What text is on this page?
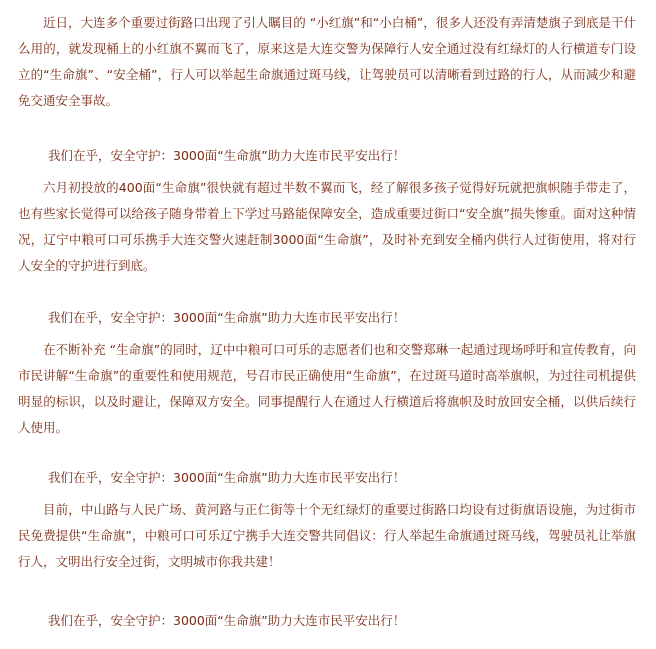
近日，大连多个重要过街路口出现了引人瞩目的 “小红旗”和“小白桶”，很多人还没有弄清楚旗子到底是干什么用的，就发现桶上的小红旗不翼而飞了，原来这是大连交警为保障行人安全通过没有红绿灯的人行横道专门设立的“生命旗”、“安全桶”，行人可以举起生命旗通过斑马线，让驾驶员可以清晰看到过路的行人，从而减少和避免交通安全事故。

我们在乎，安全守护：3000面“生命旗”助力大连市民平安出行！

六月初投放的400面“生命旗”很快就有超过半数不翼而飞，经了解很多孩子觉得好玩就把旗帜随手带走了，也有些家长觉得可以给孩子随身带着上下学过马路能保障安全，造成重要过街口“安全旗”损失惨重。面对这种情况，辽宁中粮可口可乐携手大连交警火速赶制3000面“生命旗”，及时补充到安全桶内供行人过街使用，将对行人安全的守护进行到底。

我们在乎，安全守护：3000面“生命旗”助力大连市民平安出行！

在不断补充 “生命旗”的同时，辽中中粮可口可乐的志愿者们也和交警郑琳一起通过现场呼吁和宣传教育，向市民讲解“生命旗”的重要性和使用规范，号召市民正确使用“生命旗”，在过斑马道时高举旗帜，为过往司机提供明显的标识，以及时避让，保障双方安全。同事提醒行人在通过人行横道后将旗帜及时放回安全桶，以供后续行人使用。

我们在乎，安全守护：3000面“生命旗”助力大连市民平安出行！

目前，中山路与人民广场、黄河路与正仁街等十个无红绿灯的重要过街路口均设有过街旗语设施，为过街市民免费提供“生命旗”，中粮可口可乐辽宁携手大连交警共同倡议：行人举起生命旗通过斑马线，驾驶员礼让举旗行人，文明出行安全过街，文明城市你我共建！

我们在乎，安全守护：3000面“生命旗”助力大连市民平安出行！
